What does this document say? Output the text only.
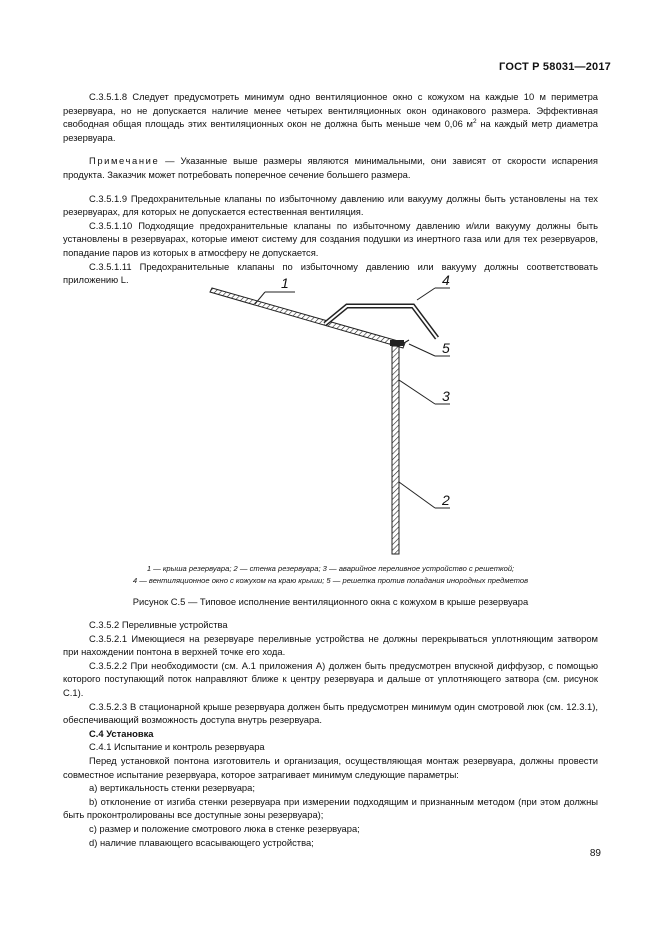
ГОСТ Р 58031—2017

С.3.5.1.8 Следует предусмотреть минимум одно вентиляционное окно с кожухом на каждые 10 м периметра резервуара, но не допускается наличие менее четырех вентиляционных окон одинакового размера. Эффективная свободная общая площадь этих вентиляционных окон не должна быть меньше чем 0,06 $м^2$ на каждый метр диаметра резервуара.

Примечание — Указанные выше размеры являются минимальными, они зависят от скорости испарения продукта. Заказчик может потребовать поперечное сечение большего размера.

С.3.5.1.9 Предохранительные клапаны по избыточному давлению или вакууму должны быть установлены на тех резервуарах, для которых не допускается естественная вентиляция.

С.3.5.1.10 Подходящие предохранительные клапаны по избыточному давлению и/или вакууму должны быть установлены в резервуарах, которые имеют систему для создания подушки из инертного газа или для тех резервуаров, попадание паров из которых в атмосферу не допускается.

С.3.5.1.11 Предохранительные клапаны по избыточному давлению или вакууму должны соответствовать приложению L.	1	4
5
3
2
1 — крыша резервуара; 2 — стенка резервуара; 3 — аварийное переливное устройство с решеткой;
4 — вентиляционное окно с кожухом на краю крыши; 5 — решетка против попадания инородных предметов
Рисунок С.5 — Типовое исполнение вентиляционного окна с кожухом в крыше резервуара

С.3.5.2 Переливные устройства

С.3.5.2.1 Имеющиеся на резервуаре переливные устройства не должны перекрываться уплотняющим затвором при нахождении понтона в верхней точке его хода.

С.3.5.2.2 При необходимости (см. А.1 приложения А) должен быть предусмотрен впускной диффузор, с помощью которого поступающий поток направляют ближе к центру резервуара и дальше от уплотняющего затвора (см. рисунок С.1).

С.3.5.2.3 В стационарной крыше резервуара должен быть предусмотрен минимум один смотровой люк (см. 12.3.1), обеспечивающий возможность доступа внутрь резервуара.

С.4 Установка

С.4.1 Испытание и контроль резервуара

Перед установкой понтона изготовитель и организация, осуществляющая монтаж резервуара, должны провести совместное испытание резервуара, которое затрагивает минимум следующие параметры:

а) вертикальность стенки резервуара;

b) отклонение от изгиба стенки резервуара при измерении подходящим и признанным методом (при этом должны быть проконтролированы все доступные зоны резервуара);

c) размер и положение смотрового люка в стенке резервуара;

d) наличие плавающего всасывающего устройства;

89
